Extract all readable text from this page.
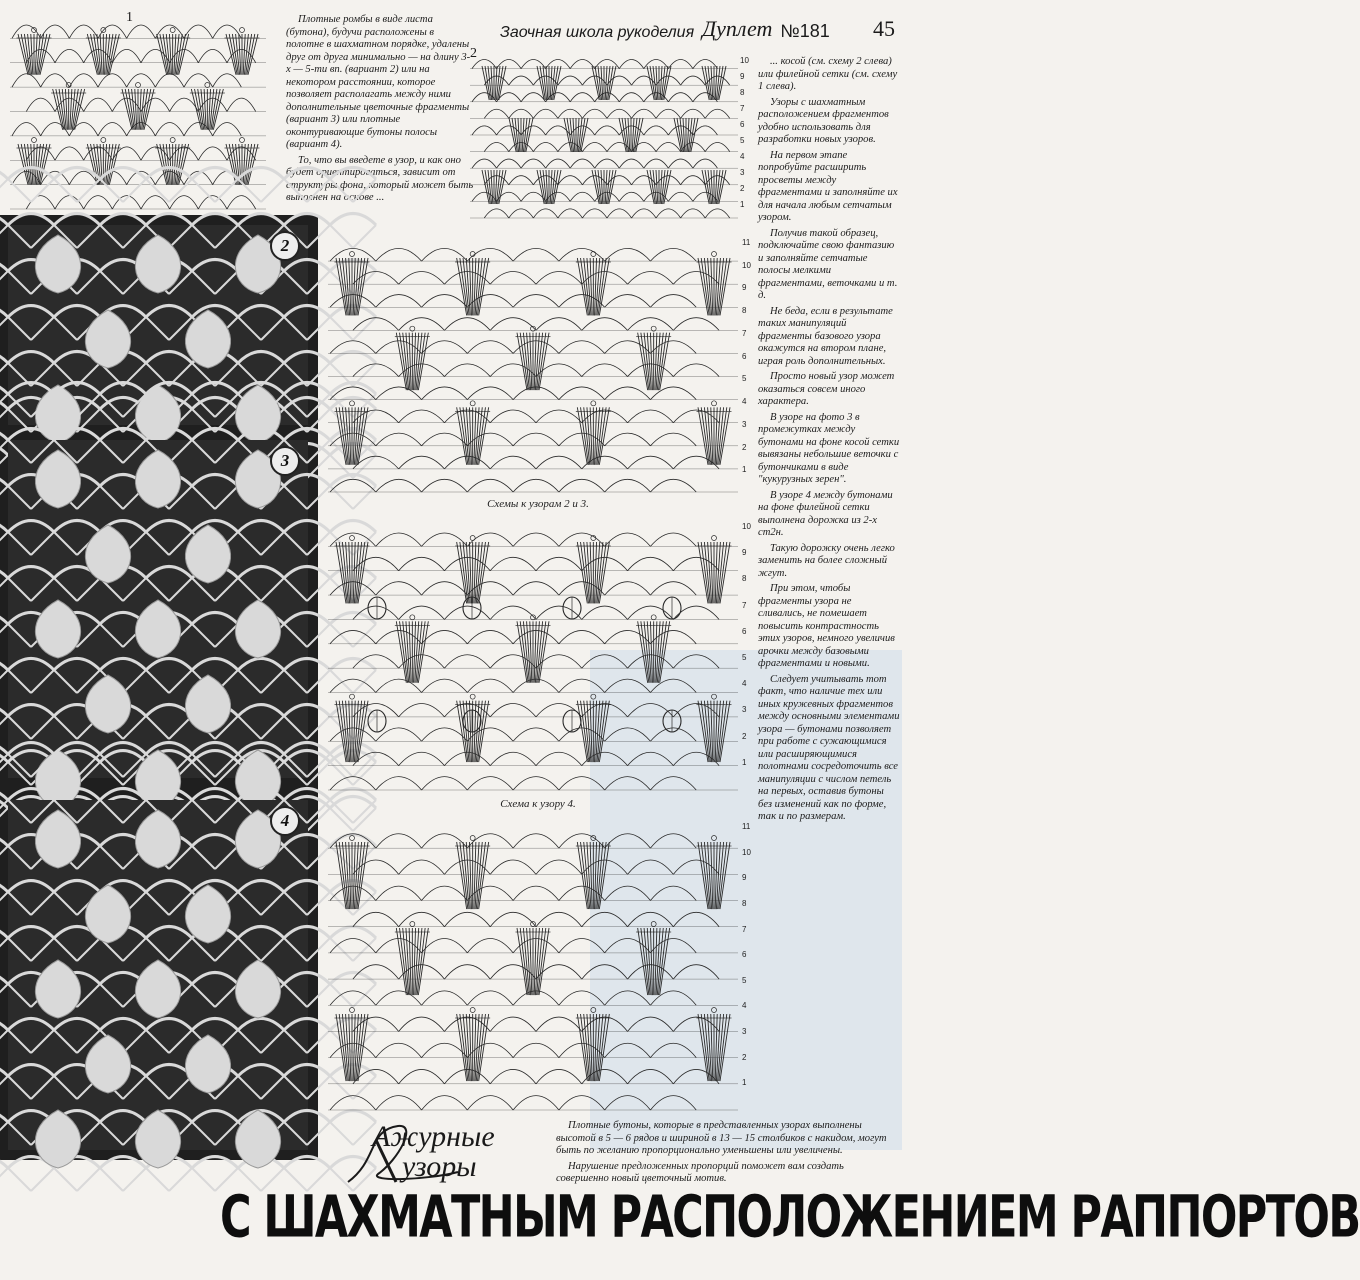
Заочная школа рукоделия Дуплет №181 45
1	Плотные ромбы в виде листа (бутона), будучи расположены в полотне в шахматном порядке, удалены друг от друга минимально — на длину 3-х — 5-ти вп. (вариант 2) или на некотором расстоянии, которое позволяет располагать между ними дополнительные цветочные фрагменты (вариант 3) или плотные оконтуривающие бутоны полосы (вариант 4).

То, что вы введете в узор, и как оно будет ориентироваться, зависит от структуры фона, который может быть выполнен на основе ...

2	10
9
8
7
6
5
4
3
2
1

... косой (см. схему 2 слева) или филейной сетки (см. схему 1 слева).

Узоры с шахматным расположением фрагментов удобно использовать для разработки новых узоров.

На первом этапе попробуйте расширить просветы между фрагментами и заполняйте их для начала любым сетчатым узором.

Получив такой образец, подключайте свою фантазию и заполняйте сетчатые полосы мелкими фрагментами, веточками и т. д.

Не беда, если в результате таких манипуляций фрагменты базового узора окажутся на втором плане, играя роль дополнительных.

Просто новый узор может оказаться совсем иного характера.

В узоре на фото 3 в промежутках между бутонами на фоне косой сетки вывязаны небольшие веточки с бутончиками в виде "кукурузных зерен".

В узоре 4 между бутонами на фоне филейной сетки выполнена дорожка из 2-х ст2н.

Такую дорожку очень легко заменить на более сложный жгут.

При этом, чтобы фрагменты узора не сливались, не помешает повысить контрастность этих узоров, немного увеличив арочки между базовыми фрагментами и новыми.

Следует учитывать тот факт, что наличие тех или иных кружевных фрагментов между основными элементами узора — бутонами позволяет при работе с сужающимися или расширяющимися полотнами сосредоточить все манипуляции с числом петель на первых, оставив бутоны без изменений как по форме, так и по размерам.

2
3
4
11
10
9
8
7
6
5
4
3
2
1
Схемы к узорам 2 и 3.
10
9
8
7
6
5
4
3
2
1
Схема к узору 4.
11
10
9
8
7
6
5
4
3
2
1

Плотные бутоны, которые в представленных узорах выполнены высотой в 5 — 6 рядов и шириной в 13 — 15 столбиков с накидом, могут быть по желанию пропорционально уменьшены или увеличены.

Нарушение предложенных пропорций поможет вам создать совершенно новый цветочный мотив.

Ажурные
узоры
С ШАХМАТНЫМ РАСПОЛОЖЕНИЕМ РАППОРТОВ
